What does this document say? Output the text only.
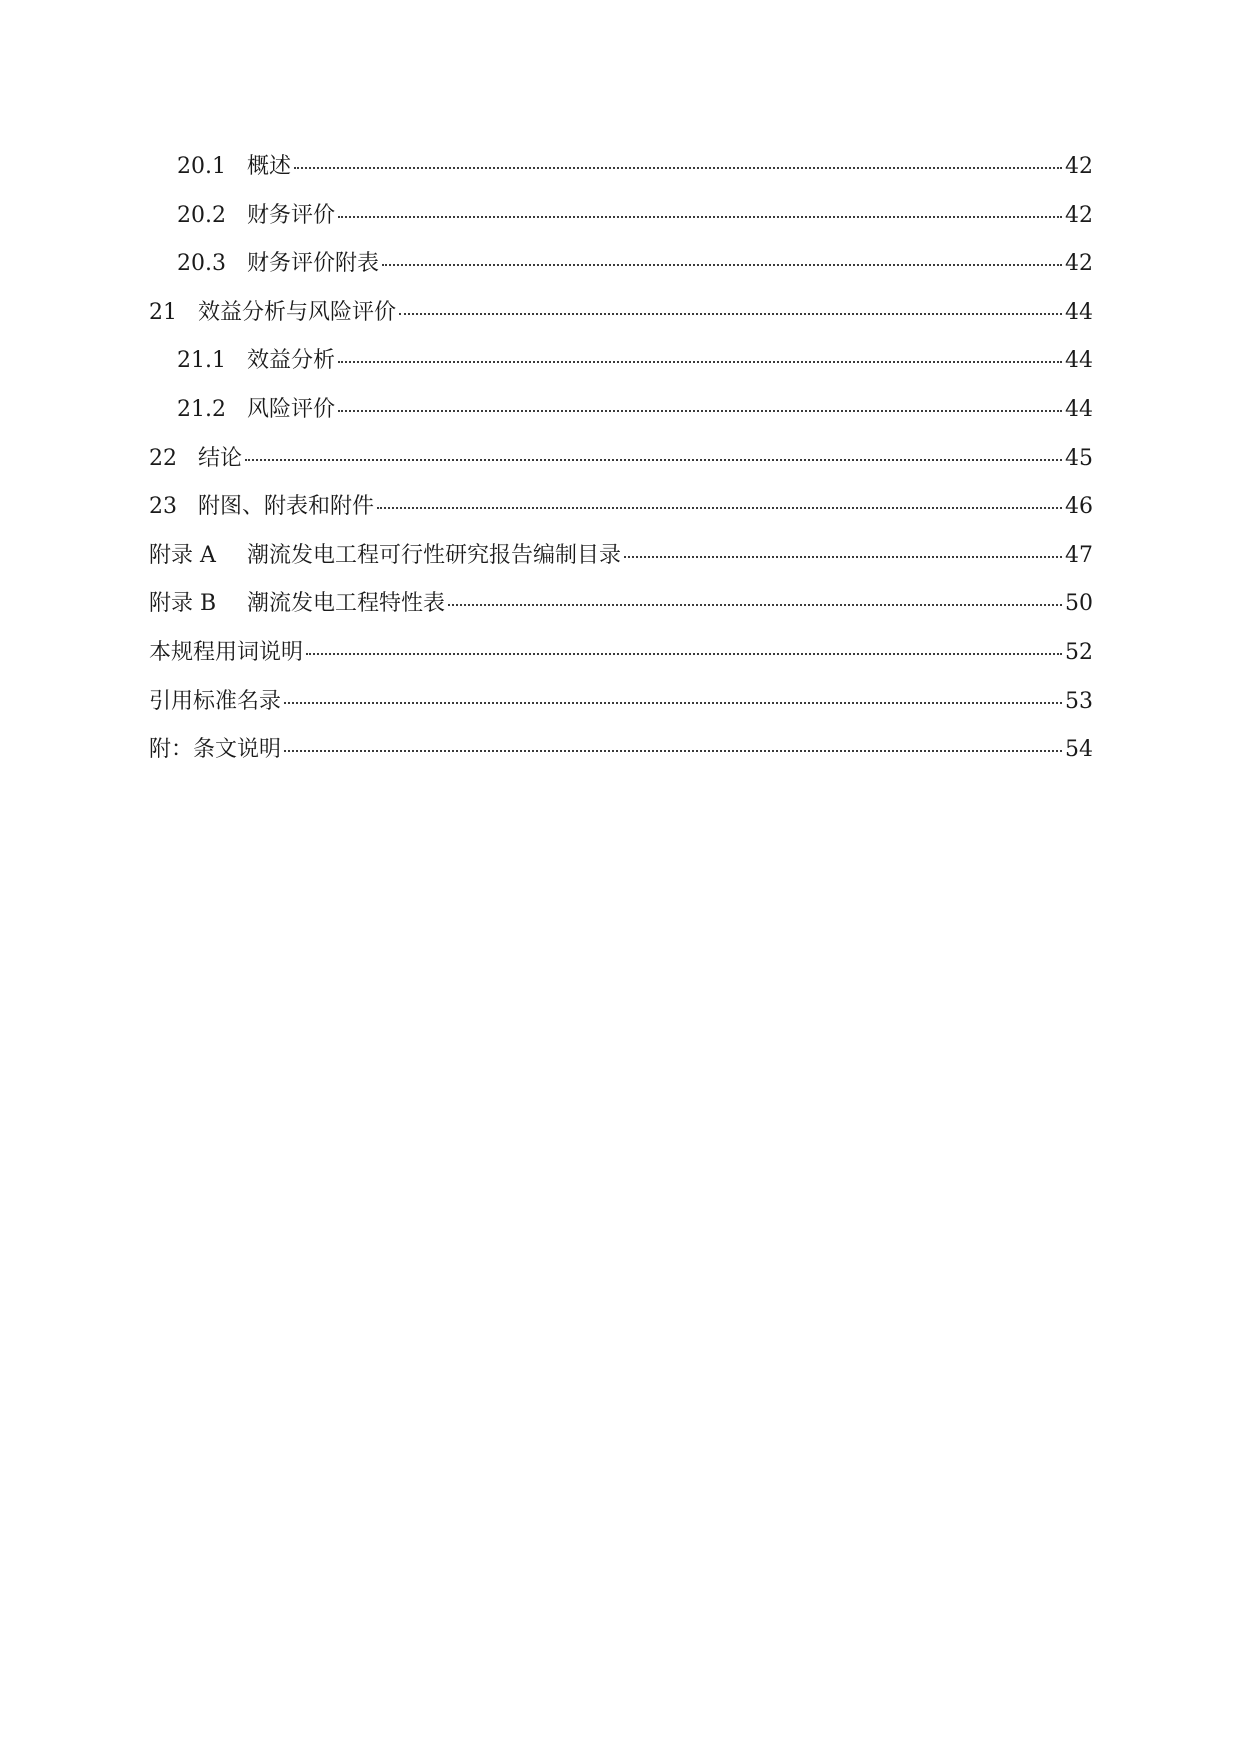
20.1 概述	42
20.2 财务评价	42
20.3 财务评价附表	42
21 效益分析与风险评价	44
21.1 效益分析	44
21.2 风险评价	44
22 结论	45
23 附图、附表和附件	46
附录 A	潮流发电工程可行性研究报告编制目录	47
附录 B	潮流发电工程特性表	50
本规程用词说明	52
引用标准名录	53
附：条文说明	54
